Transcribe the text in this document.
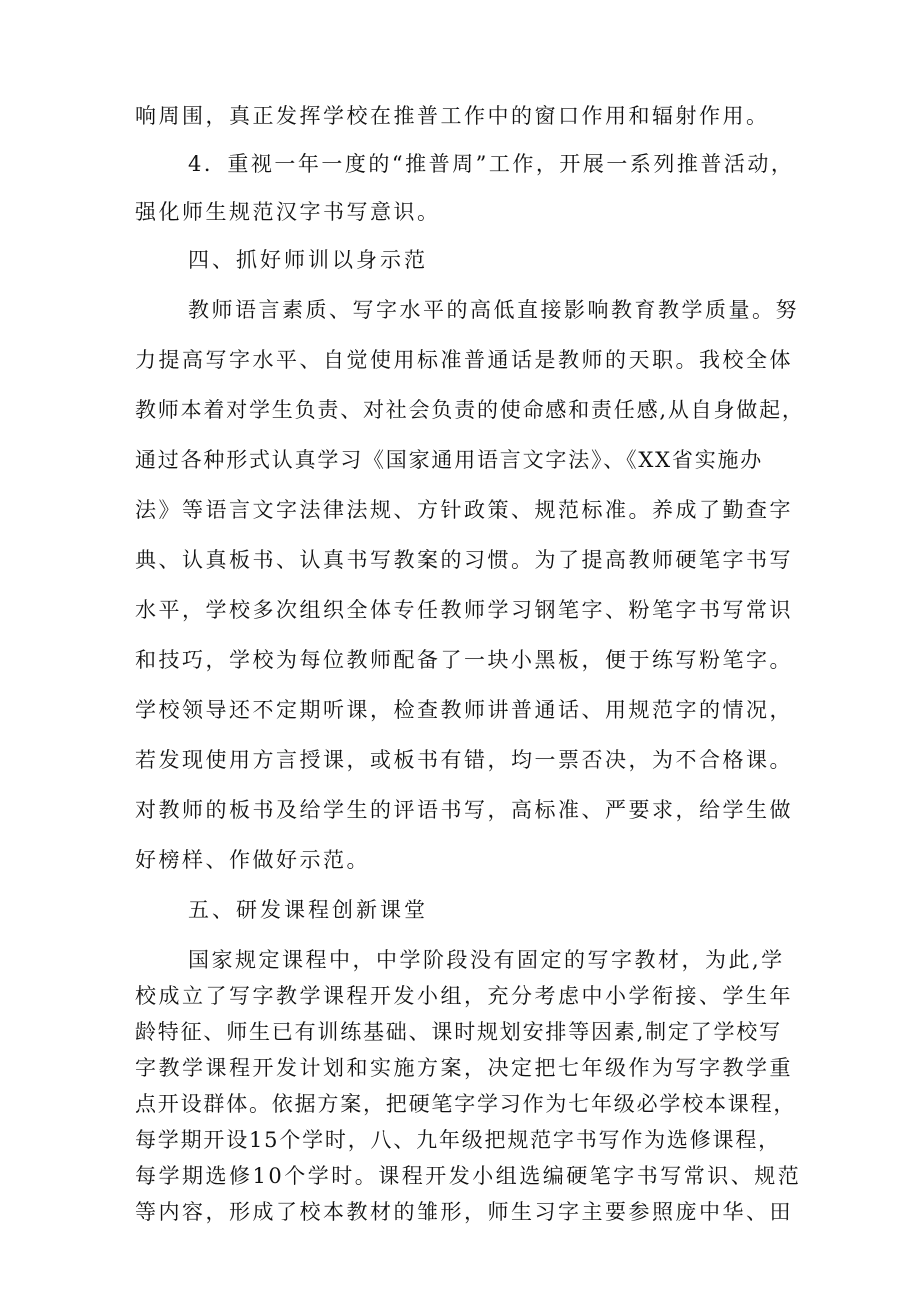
响周围，真正发挥学校在推普工作中的窗口作用和辐射作用。
4．重视一年一度的“推普周”工作，开展一系列推普活动，
强化师生规范汉字书写意识。
四、抓好师训以身示范
教师语言素质、写字水平的高低直接影响教育教学质量。努
力提高写字水平、自觉使用标准普通话是教师的天职。我校全体
教师本着对学生负责、对社会负责的使命感和责任感,从自身做起，
通过各种形式认真学习《国家通用语言文字法》、《XX省实施办
法》等语言文字法律法规、方针政策、规范标准。养成了勤查字
典、认真板书、认真书写教案的习惯。为了提高教师硬笔字书写
水平，学校多次组织全体专任教师学习钢笔字、粉笔字书写常识
和技巧，学校为每位教师配备了一块小黑板，便于练写粉笔字。
学校领导还不定期听课，检查教师讲普通话、用规范字的情况，
若发现使用方言授课，或板书有错，均一票否决，为不合格课。
对教师的板书及给学生的评语书写，高标准、严要求，给学生做
好榜样、作做好示范。
五、研发课程创新课堂
国家规定课程中，中学阶段没有固定的写字教材，为此,学
校成立了写字教学课程开发小组，充分考虑中小学衔接、学生年
龄特征、师生已有训练基础、课时规划安排等因素,制定了学校写
字教学课程开发计划和实施方案，决定把七年级作为写字教学重
点开设群体。依据方案，把硬笔字学习作为七年级必学校本课程，
每学期开设15个学时，八、九年级把规范字书写作为选修课程，
每学期选修10个学时。课程开发小组选编硬笔字书写常识、规范
等内容，形成了校本教材的雏形，师生习字主要参照庞中华、田
